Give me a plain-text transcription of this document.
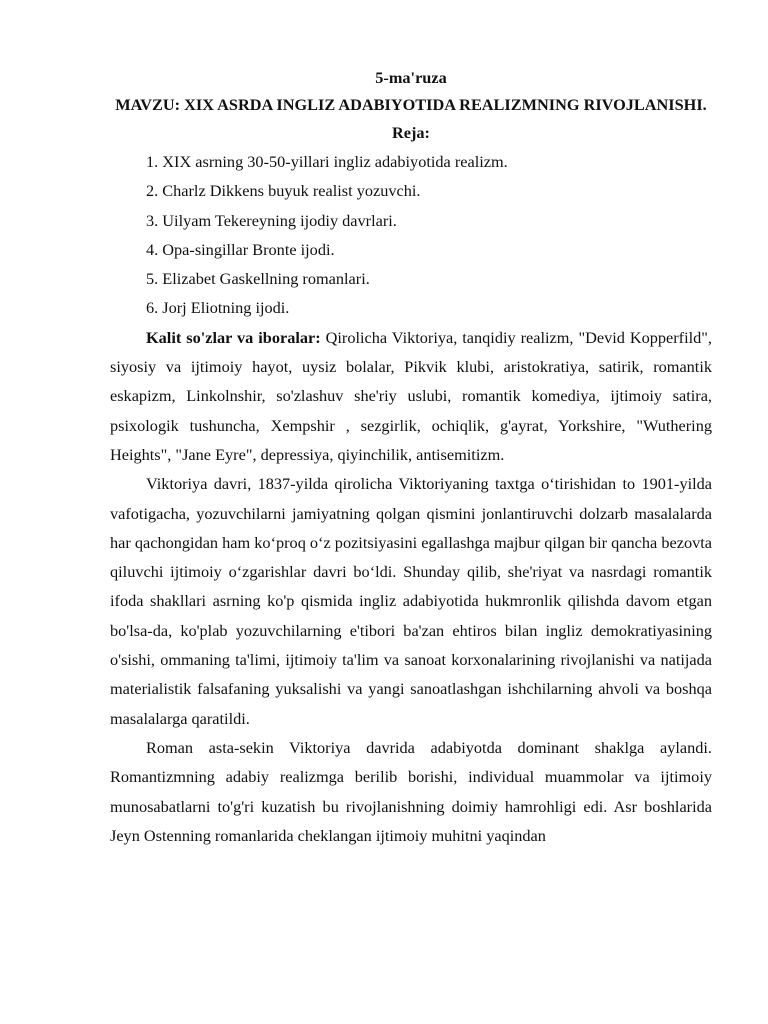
5-ma'ruza

MAVZU: XIX ASRDA INGLIZ ADABIYOTIDA REALIZMNING RIVOJLANISHI.

Reja:

1. XIX asrning 30-50-yillari ingliz adabiyotida realizm.
2. Charlz Dikkens buyuk realist yozuvchi.
3. Uilyam Tekereyning ijodiy davrlari.
4. Opa-singillar Bronte ijodi.
5. Elizabet Gaskellning romanlari.
6. Jorj Eliotning ijodi.

Kalit so'zlar va iboralar: Qirolicha Viktoriya, tanqidiy realizm, "Devid Kopperfild", siyosiy va ijtimoiy hayot, uysiz bolalar, Pikvik klubi, aristokratiya, satirik, romantik eskapizm, Linkolnshir, so'zlashuv she'riy uslubi, romantik komediya, ijtimoiy satira, psixologik tushuncha, Xempshir , sezgirlik, ochiqlik, g'ayrat, Yorkshire, "Wuthering Heights", "Jane Eyre", depressiya, qiyinchilik, antisemitizm.

Viktoriya davri, 1837-yilda qirolicha Viktoriyaning taxtga o‘tirishidan to 1901-yilda vafotigacha, yozuvchilarni jamiyatning qolgan qismini jonlantiruvchi dolzarb masalalarda har qachongidan ham ko‘proq o‘z pozitsiyasini egallashga majbur qilgan bir qancha bezovta qiluvchi ijtimoiy o‘zgarishlar davri bo‘ldi. Shunday qilib, she'riyat va nasrdagi romantik ifoda shakllari asrning ko'p qismida ingliz adabiyotida hukmronlik qilishda davom etgan bo'lsa-da, ko'plab yozuvchilarning e'tibori ba'zan ehtiros bilan ingliz demokratiyasining o'sishi, ommaning ta'limi, ijtimoiy ta'lim va sanoat korxonalarining rivojlanishi va natijada materialistik falsafaning yuksalishi va yangi sanoatlashgan ishchilarning ahvoli va boshqa masalalarga qaratildi.

Roman asta-sekin Viktoriya davrida adabiyotda dominant shaklga aylandi. Romantizmning adabiy realizmga berilib borishi, individual muammolar va ijtimoiy munosabatlarni to'g'ri kuzatish bu rivojlanishning doimiy hamrohligi edi. Asr boshlarida Jeyn Ostenning romanlarida cheklangan ijtimoiy muhitni yaqindan
